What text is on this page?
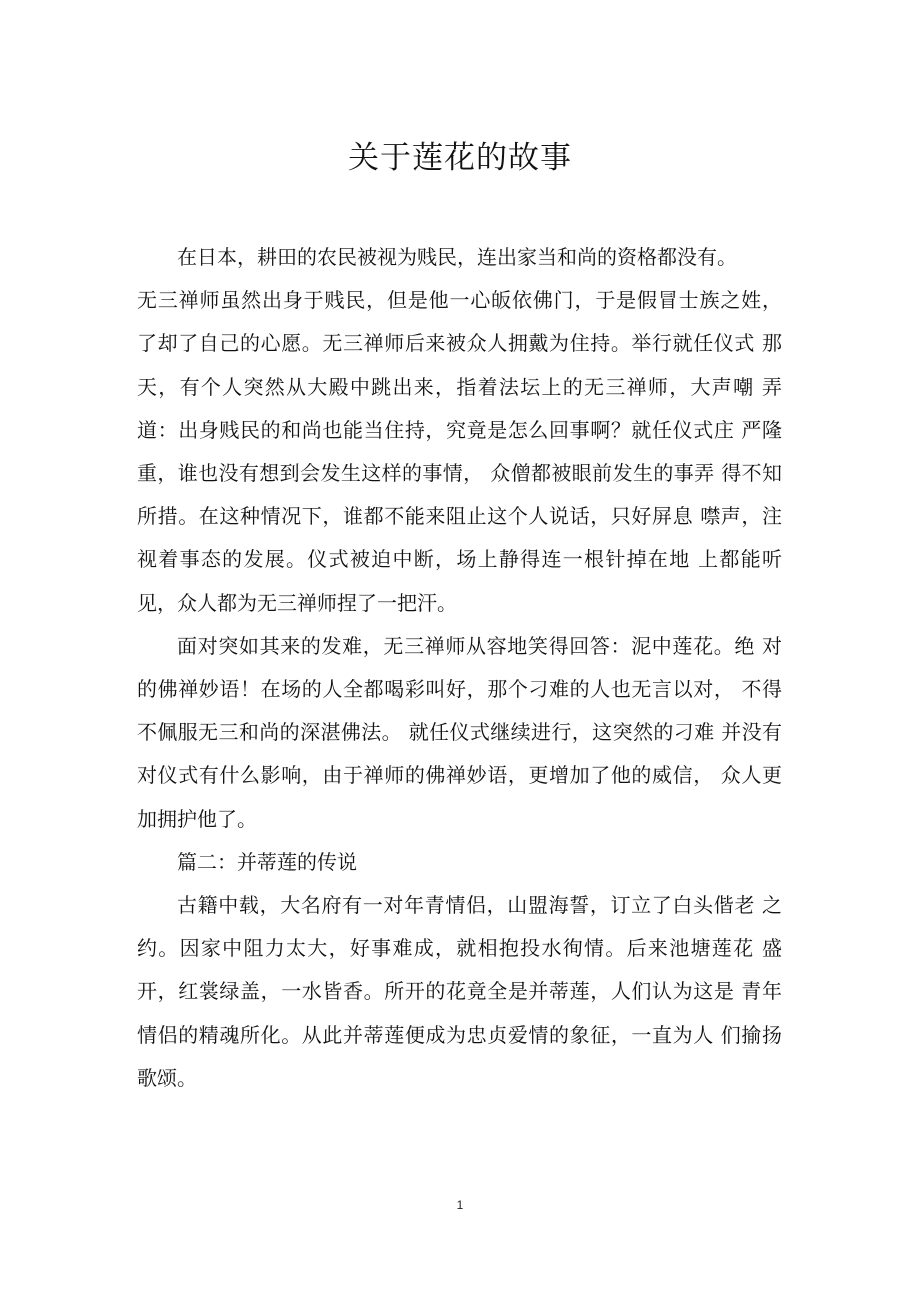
关于莲花的故事

在日本，耕田的农民被视为贱民，连出家当和尚的资格都没有。

无三禅师虽然出身于贱民，但是他一心皈依佛门，于是假冒士族之姓， 了却了自己的心愿。无三禅师后来被众人拥戴为住持。举行就任仪式 那天，有个人突然从大殿中跳出来，指着法坛上的无三禅师，大声嘲 弄道：出身贱民的和尚也能当住持，究竟是怎么回事啊？就任仪式庄 严隆重，谁也没有想到会发生这样的事情， 众僧都被眼前发生的事弄 得不知所措。在这种情况下，谁都不能来阻止这个人说话，只好屏息 噤声，注视着事态的发展。仪式被迫中断，场上静得连一根针掉在地 上都能听见，众人都为无三禅师捏了一把汗。

面对突如其来的发难，无三禅师从容地笑得回答：泥中莲花。绝 对的佛禅妙语！在场的人全都喝彩叫好，那个刁难的人也无言以对， 不得不佩服无三和尚的深湛佛法。 就任仪式继续进行，这突然的刁难 并没有对仪式有什么影响，由于禅师的佛禅妙语，更增加了他的威信， 众人更加拥护他了。

篇二：并蒂莲的传说

古籍中载，大名府有一对年青情侣，山盟海誓，订立了白头偕老 之约。因家中阻力太大，好事难成，就相抱投水徇情。后来池塘莲花 盛开，红裳绿盖，一水皆香。所开的花竟全是并蒂莲，人们认为这是 青年情侣的精魂所化。从此并蒂莲便成为忠贞爱情的象征，一直为人 们揄扬歌颂。

1
